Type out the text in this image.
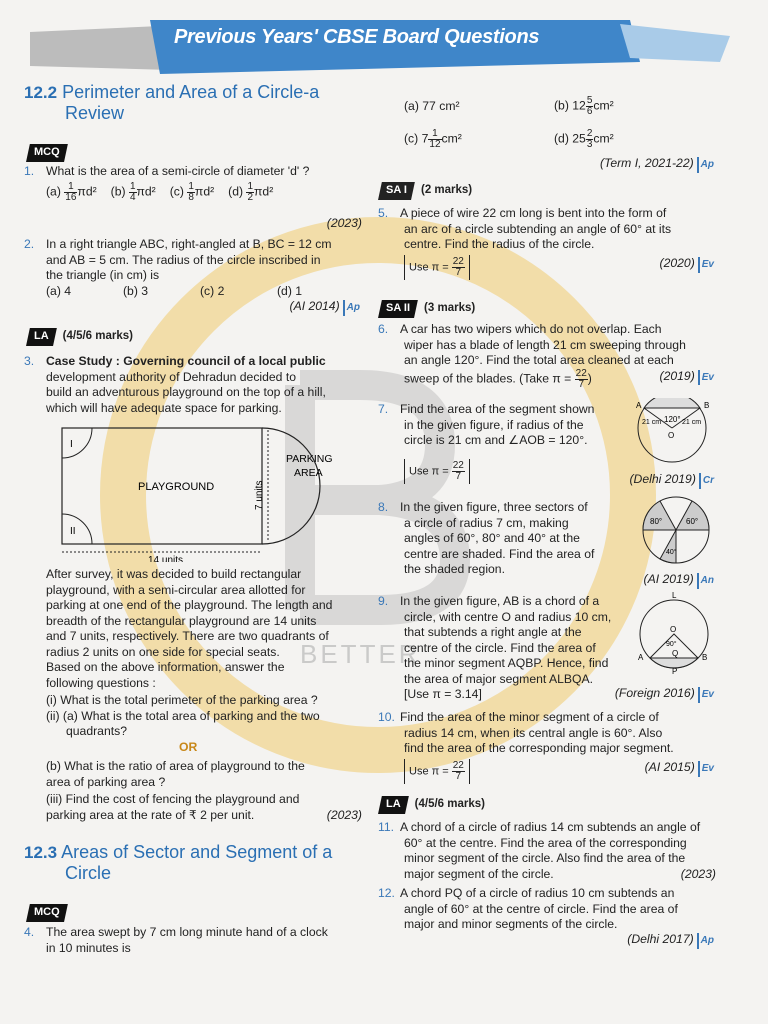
BETTER
Previous Years' CBSE Board Questions
12.2 Perimeter and Area of a Circle-a
Review
MCQ
1. What is the area of a semi-circle of diameter 'd' ?
$(a) \frac{1}{16} \pi d^2$ $(b) \frac{1}{4} \pi d^2$ $(c) \frac{1}{8} \pi d^2$ $(d) \frac{1}{2} \pi d^2$
(2023)
2. In a right triangle ABC, right-angled at B, BC = 12 cm
and AB = 5 cm. The radius of the circle inscribed in
the triangle (in cm) is
(a) 4	(b) 3	(c) 2	(d) 1
(AI 2014) Ap
LA (4/5/6 marks)
3. Case Study : Governing council of a local public
development authority of Dehradun decided to
build an adventurous playground on the top of a hill,
which will have adequate space for parking.
I
II
PLAYGROUND
PARKING
AREA
7 units
14 units
After survey, it was decided to build rectangular
playground, with a semi-circular area allotted for
parking at one end of the playground. The length and
breadth of the rectangular playground are 14 units
and 7 units, respectively. There are two quadrants of
radius 2 units on one side for special seats.
Based on the above information, answer the
following questions :
(i) What is the total perimeter of the parking area ?
(ii) (a) What is the total area of parking and the two
quadrants?
OR
(b) What is the ratio of area of playground to the
area of parking area ?
(iii) Find the cost of fencing the playground and
parking area at the rate of ₹ 2 per unit.	(2023)
12.3 Areas of Sector and Segment of a
Circle
MCQ
4. The area swept by 7 cm long minute hand of a clock
in 10 minutes is
(a) 77 cm²	(b) $12 \frac{5}{6} cm^2(c)$ $7 \frac{1}{12} cm^2$	(d) $25 \frac{2}{3} cm^2$
(Term I, 2021-22) Ap
SA I (2 marks)
5. A piece of wire 22 cm long is bent into the form of
an arc of a circle subtending an angle of 60° at its
centre. Find the radius of the circle.
Use $\pi = \frac{22}{7}$	(2020) Ev
SA II (3 marks)
6. A car has two wipers which do not overlap. Each
wiper has a blade of length 21 cm sweeping through
an angle 120°. Find the total area cleaned at each
sweep of the blades. (Take $\pi = \frac{22}{7}$ )	(2019) Ev
7. Find the area of the segment shown
in the given figure, if radius of the
circle is 21 cm and ∠AOB = 120°.
Use $\pi = \frac{22}{7}$	(Delhi 2019) Cr
A	B
120°
O
21 cm	21 cm
8. In the given figure, three sectors of
a circle of radius 7 cm, making
angles of 60°, 80° and 40° at the
centre are shaded. Find the area of
the shaded region.
(AI 2019) An
80°	60°
40°
9. In the given figure, AB is a chord of a
circle, with centre O and radius 10 cm,
that subtends a right angle at the
centre of the circle. Find the area of
the minor segment AQBP. Hence, find
the area of major segment ALBQA.
[Use π = 3.14]	(Foreign 2016) Ev
L
O
90°
Q
A	B
P
10. Find the area of the minor segment of a circle of
radius 14 cm, when its central angle is 60°. Also
find the area of the corresponding major segment.
Use $\pi = \frac{22}{7}$	(AI 2015) Ev
LA (4/5/6 marks)
11. A chord of a circle of radius 14 cm subtends an angle of
60° at the centre. Find the area of the corresponding
minor segment of the circle. Also find the area of the
major segment of the circle.	(2023)
12. A chord PQ of a circle of radius 10 cm subtends an
angle of 60° at the centre of circle. Find the area of
major and minor segments of the circle.
(Delhi 2017) Ap
